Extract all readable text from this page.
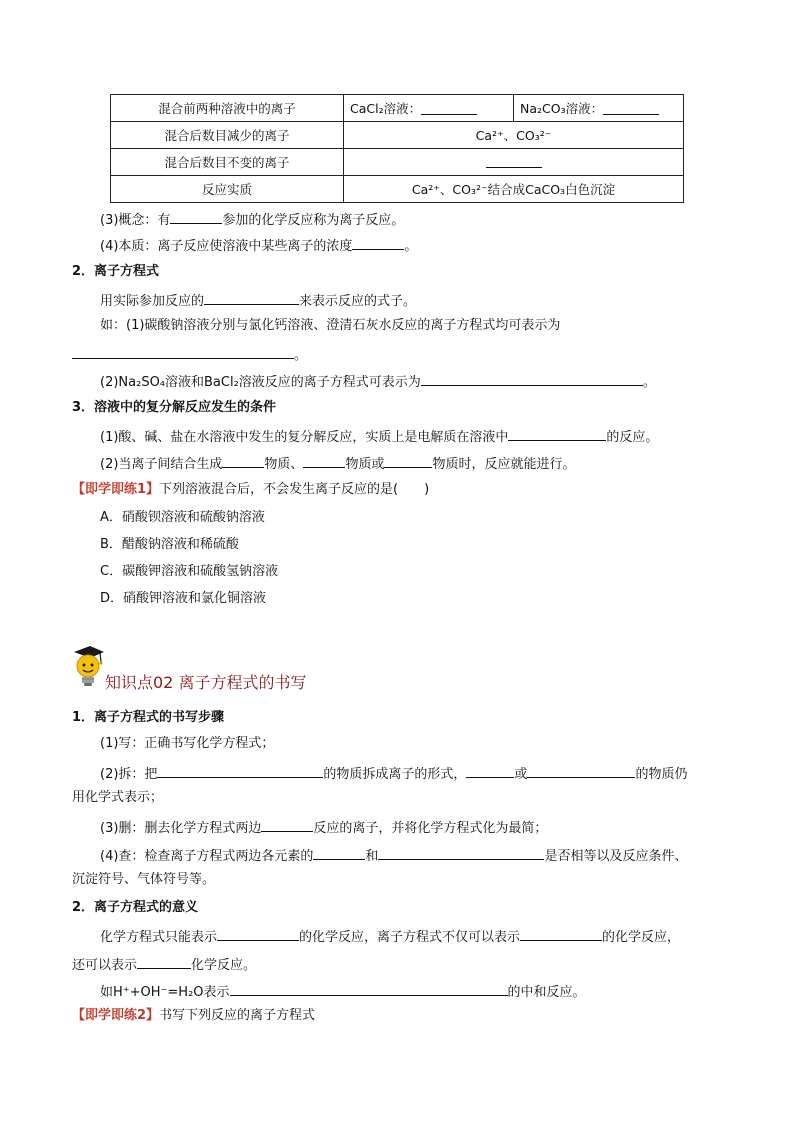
混合前两种溶液中的离子	CaCl₂溶液： Na₂CO₃溶液：

混合后数目减少的离子	Ca²⁺、CO₃²⁻
混合后数目不变的离子	
反应实质	Ca²⁺、CO₃²⁻结合成CaCO₃白色沉淀
(3)概念：有	参加的化学反应称为离子反应。
(4)本质：离子反应使溶液中某些离子的浓度	。
2．离子方程式
用实际参加反应的	来表示反应的式子。
如：(1)碳酸钠溶液分别与氯化钙溶液、澄清石灰水反应的离子方程式均可表示为
。
(2)Na₂SO₄溶液和BaCl₂溶液反应的离子方程式可表示为	。
3．溶液中的复分解反应发生的条件
(1)酸、碱、盐在水溶液中发生的复分解反应，实质上是电解质在溶液中	的反应。
(2)当离子间结合生成	物质、	物质或	物质时，反应就能进行。
【即学即练1】下列溶液混合后，不会发生离子反应的是(　　)
A．硝酸钡溶液和硫酸钠溶液
B．醋酸钠溶液和稀硫酸
C．碳酸钾溶液和硫酸氢钠溶液
D．硝酸钾溶液和氯化铜溶液
知识点02 离子方程式的书写
1．离子方程式的书写步骤
(1)写：正确书写化学方程式；
(2)拆：把	的物质拆成离子的形式，	或	的物质仍
用化学式表示；
(3)删：删去化学方程式两边	反应的离子，并将化学方程式化为最简；
(4)查：检查离子方程式两边各元素的	和	是否相等以及反应条件、
沉淀符号、气体符号等。
2．离子方程式的意义
化学方程式只能表示	的化学反应，离子方程式不仅可以表示	的化学反应，
还可以表示	化学反应。
如H⁺+OH⁻=H₂O表示	的中和反应。
【即学即练2】书写下列反应的离子方程式
